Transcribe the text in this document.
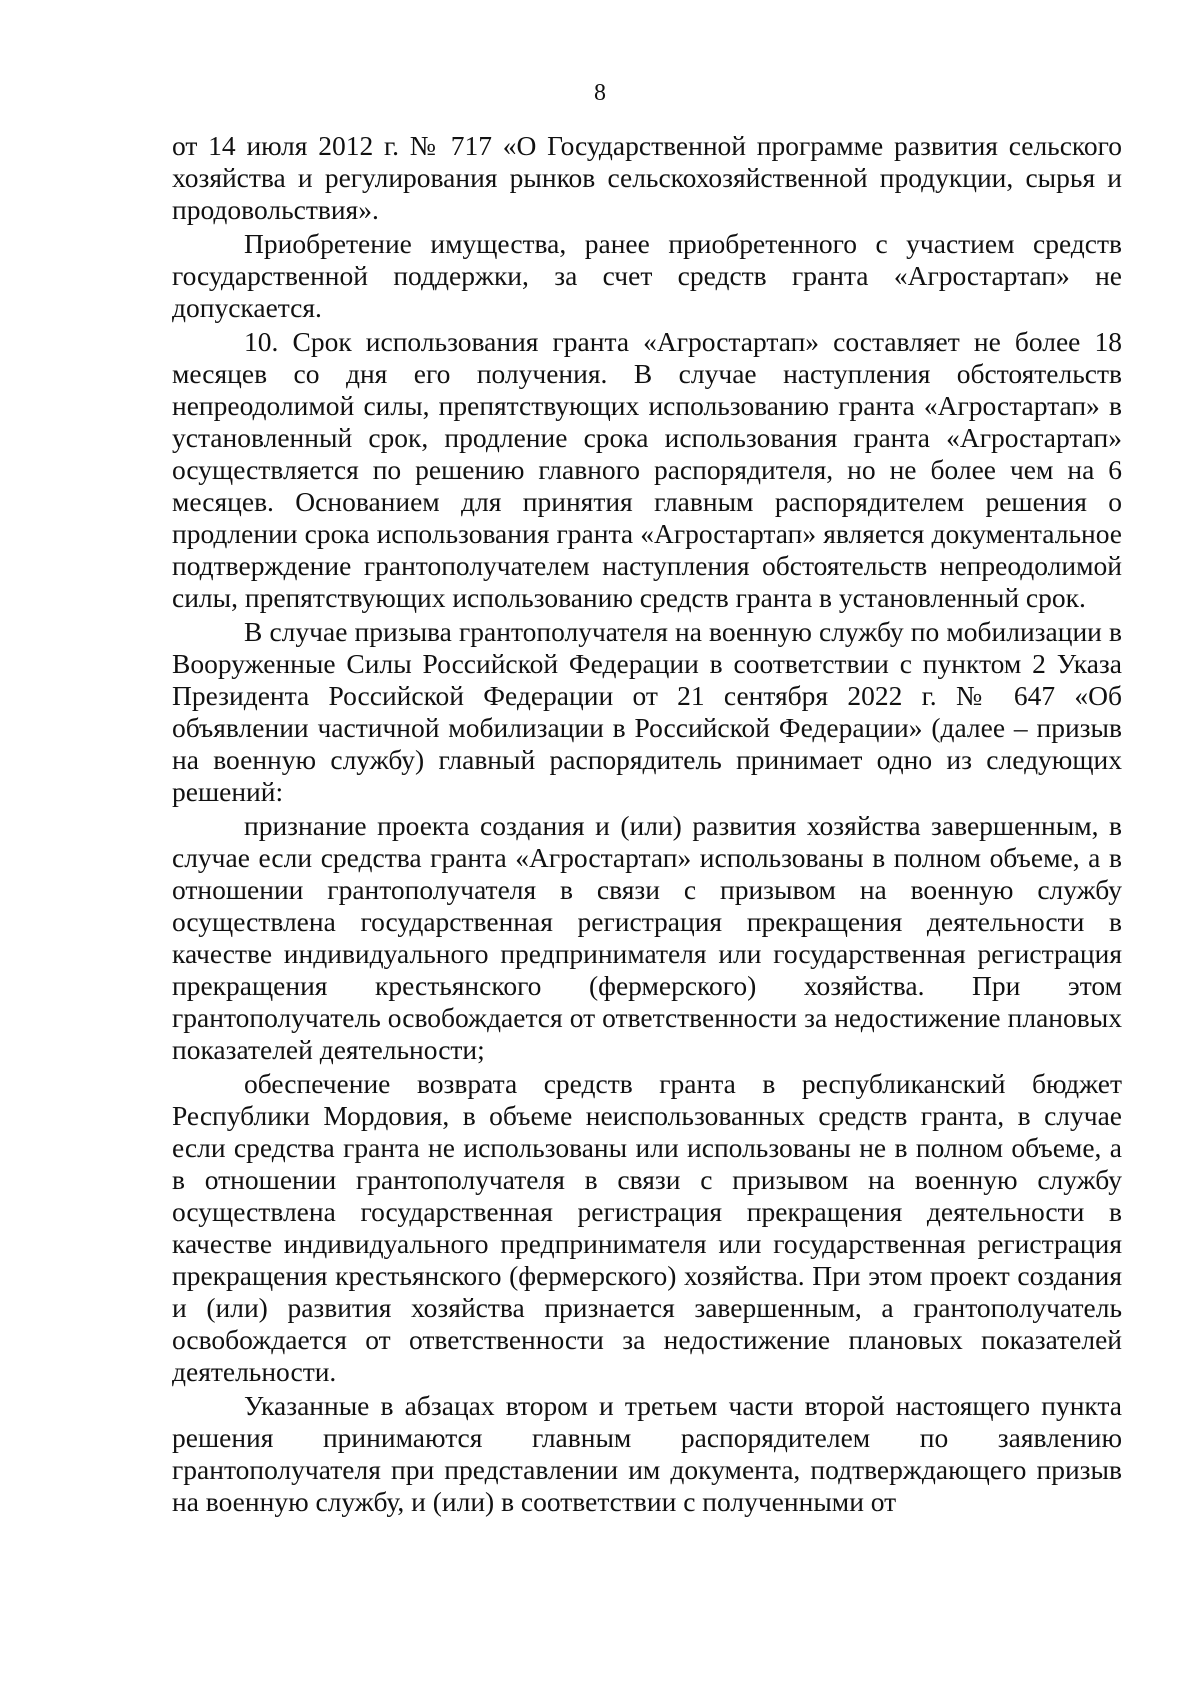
8

от 14 июля 2012 г. № 717 «О Государственной программе развития сельского хозяйства и регулирования рынков сельскохозяйственной продукции, сырья и продовольствия».

Приобретение имущества, ранее приобретенного с участием средств государственной поддержки, за счет средств гранта «Агростартап» не допускается.

10. Срок использования гранта «Агростартап» составляет не более 18 месяцев со дня его получения. В случае наступления обстоятельств непреодолимой силы, препятствующих использованию гранта «Агростартап» в установленный срок, продление срока использования гранта «Агростартап» осуществляется по решению главного распорядителя, но не более чем на 6 месяцев. Основанием для принятия главным распорядителем решения о продлении срока использования гранта «Агростартап» является документальное подтверждение грантополучателем наступления обстоятельств непреодолимой силы, препятствующих использованию средств гранта в установленный срок.

В случае призыва грантополучателя на военную службу по мобилизации в Вооруженные Силы Российской Федерации в соответствии с пунктом 2 Указа Президента Российской Федерации от 21 сентября 2022 г. № 647 «Об объявлении частичной мобилизации в Российской Федерации» (далее – призыв на военную службу) главный распорядитель принимает одно из следующих решений:

признание проекта создания и (или) развития хозяйства завершенным, в случае если средства гранта «Агростартап» использованы в полном объеме, а в отношении грантополучателя в связи с призывом на военную службу осуществлена государственная регистрация прекращения деятельности в качестве индивидуального предпринимателя или государственная регистрация прекращения крестьянского (фермерского) хозяйства. При этом грантополучатель освобождается от ответственности за недостижение плановых показателей деятельности;

обеспечение возврата средств гранта в республиканский бюджет Республики Мордовия, в объеме неиспользованных средств гранта, в случае если средства гранта не использованы или использованы не в полном объеме, а в отношении грантополучателя в связи с призывом на военную службу осуществлена государственная регистрация прекращения деятельности в качестве индивидуального предпринимателя или государственная регистрация прекращения крестьянского (фермерского) хозяйства. При этом проект создания и (или) развития хозяйства признается завершенным, а грантополучатель освобождается от ответственности за недостижение плановых показателей деятельности.

Указанные в абзацах втором и третьем части второй настоящего пункта решения принимаются главным распорядителем по заявлению грантополучателя при представлении им документа, подтверждающего призыв на военную службу, и (или) в соответствии с полученными от
